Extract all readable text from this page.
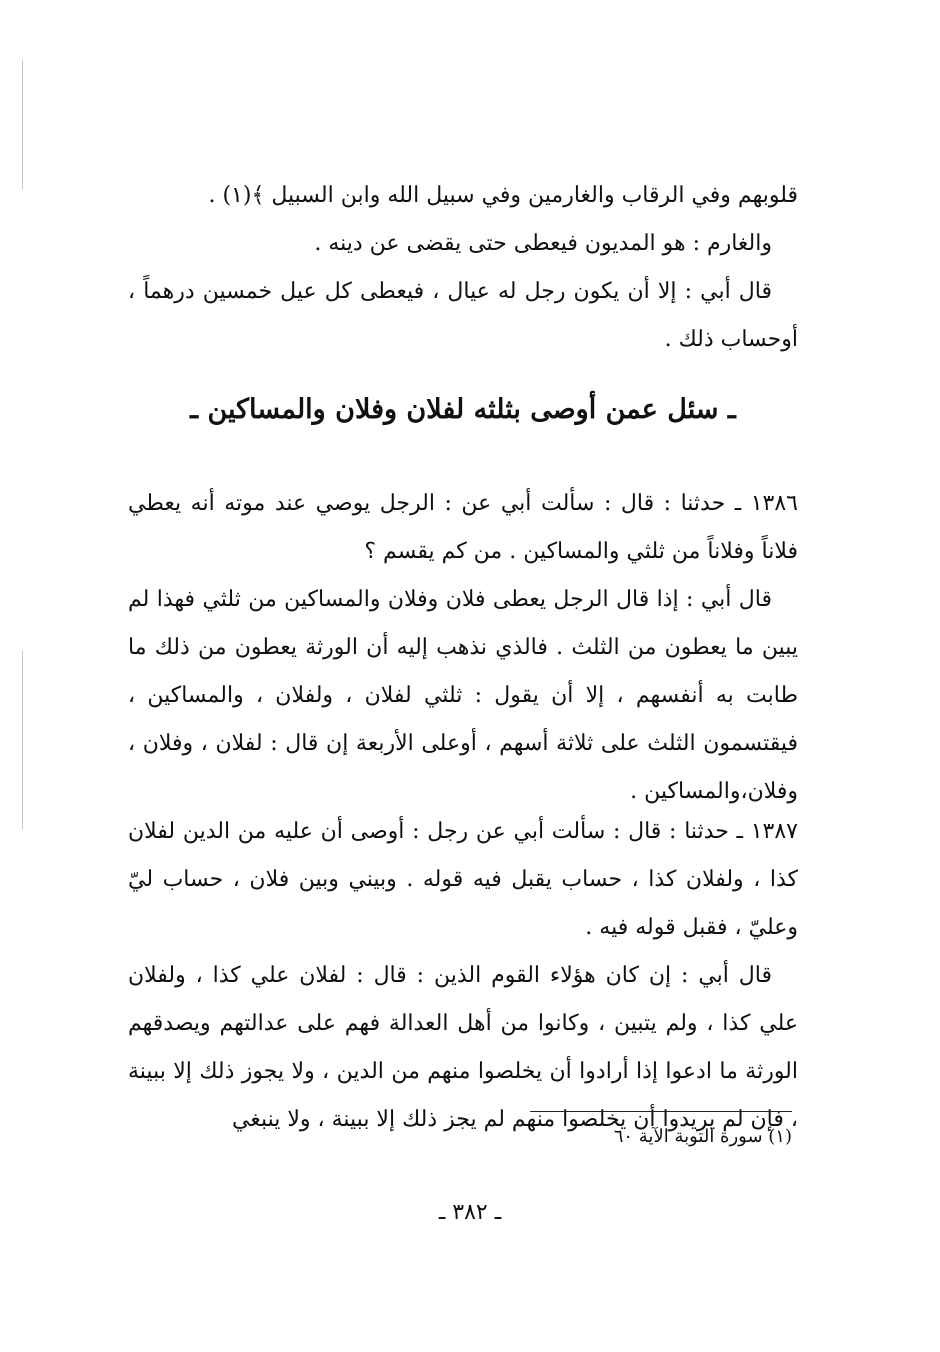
قلوبهم وفي الرقاب والغارمين وفي سبيل الله وابن السبيل ﴾(١) .

والغارم : هو المديون فيعطى حتى يقضى عن دينه .

قال أبي : إلا أن يكون رجل له عيال ، فيعطى كل عيل خمسين درهماً ، أوحساب ذلك .

ـ سئل عمن أوصى بثلثه لفلان وفلان والمساكين ـ

١٣٨٦ ـ حدثنا : قال : سألت أبي عن : الرجل يوصي عند موته أنه يعطي فلاناً وفلاناً من ثلثي والمساكين . من كم يقسم ؟

قال أبي : إذا قال الرجل يعطى فلان وفلان والمساكين من ثلثي فهذا لم يبين ما يعطون من الثلث . فالذي نذهب إليه أن الورثة يعطون من ذلك ما طابت به أنفسهم ، إلا أن يقول : ثلثي لفلان ، ولفلان ، والمساكين ، فيقتسمون الثلث على ثلاثة أسهم ، أوعلى الأربعة إن قال : لفلان ، وفلان ، وفلان،والمساكين .

١٣٨٧ ـ حدثنا : قال : سألت أبي عن رجل : أوصى أن عليه من الدين لفلان كذا ، ولفلان كذا ، حساب يقبل فيه قوله . وبيني وبين فلان ، حساب ليّ وعليّ ، فقبل قوله فيه .

قال أبي : إن كان هؤلاء القوم الذين : قال : لفلان علي كذا ، ولفلان علي كذا ، ولم يتبين ، وكانوا من أهل العدالة فهم على عدالتهم ويصدقهم الورثة ما ادعوا إذا أرادوا أن يخلصوا منهم من الدين ، ولا يجوز ذلك إلا ببينة ، فإن لم يريدوا أن يخلصوا منهم لم يجز ذلك إلا ببينة ، ولا ينبغي

(١) سورة التوبة الآية ٦٠
ـ ٣٨٢ ـ
